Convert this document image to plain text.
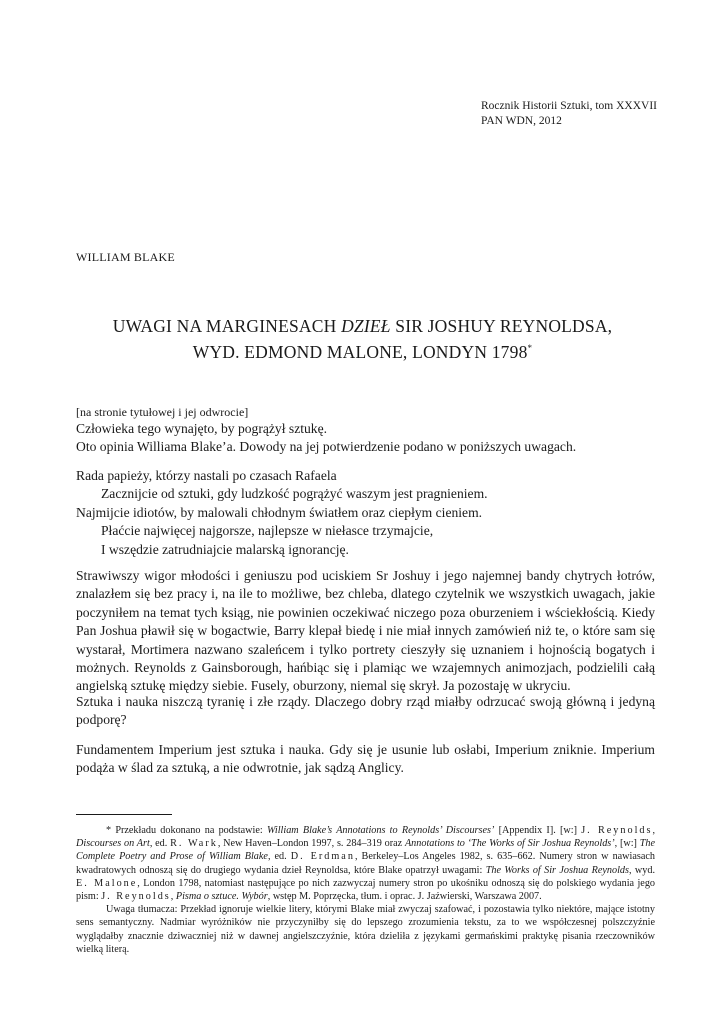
Rocznik Historii Sztuki, tom XXXVII
PAN WDN, 2012
WILLIAM BLAKE
UWAGI NA MARGINESACH DZIEŁ SIR JOSHUY REYNOLDSA,
WYD. EDMOND MALONE, LONDYN 1798*

[na stronie tytułowej i jej odwrocie]

Człowieka tego wynajęto, by pogrążył sztukę.

Oto opinia Williama Blake’a. Dowody na jej potwierdzenie podano w poniższych uwagach.

Rada papieży, którzy nastali po czasach Rafaela

Zacznijcie od sztuki, gdy ludzkość pogrążyć waszym jest pragnieniem.

Najmijcie idiotów, by malowali chłodnym światłem oraz ciepłym cieniem.

Płaćcie najwięcej najgorsze, najlepsze w niełasce trzymajcie,

I wszędzie zatrudniajcie malarską ignorancję.

Strawiwszy wigor młodości i geniuszu pod uciskiem Sr Joshuy i jego najemnej bandy chytrych łotrów, znalazłem się bez pracy i, na ile to możliwe, bez chleba, dlatego czytelnik we wszystkich uwagach, jakie poczyniłem na temat tych ksiąg, nie powinien oczekiwać niczego poza oburzeniem i wściekłością. Kiedy Pan Joshua pławił się w bogactwie, Barry klepał biedę i nie miał innych zamówień niż te, o które sam się wystarał, Mortimera nazwano szaleńcem i tylko portrety cieszyły się uznaniem i hojnością bogatych i możnych. Reynolds z Gainsborough, hańbiąc się i plamiąc we wzajemnych animozjach, podzielili całą angielską sztukę między siebie. Fusely, oburzony, niemal się skrył. Ja pozostaję w ukryciu.

Sztuka i nauka niszczą tyranię i złe rządy. Dlaczego dobry rząd miałby odrzucać swoją główną i jedyną podporę?

Fundamentem Imperium jest sztuka i nauka. Gdy się je usunie lub osłabi, Imperium zniknie. Imperium podąża w ślad za sztuką, a nie odwrotnie, jak sądzą Anglicy.

* Przekładu dokonano na podstawie: William Blake’s Annotations to Reynolds’ Discourses’ [Appendix I]. [w:] J. Reynolds, Discourses on Art, ed. R. Wark, New Haven–London 1997, s. 284–319 oraz Annotations to ‘The Works of Sir Joshua Reynolds’, [w:] The Complete Poetry and Prose of William Blake, ed. D. Erdman, Berkeley–Los Angeles 1982, s. 635–662. Numery stron w nawiasach kwadratowych odnoszą się do drugiego wydania dzieł Reynoldsa, które Blake opatrzył uwagami: The Works of Sir Joshua Reynolds, wyd. E. Malone, London 1798, natomiast następujące po nich zazwyczaj numery stron po ukośniku odnoszą się do polskiego wydania jego pism: J. Reynolds, Pisma o sztuce. Wybór, wstęp M. Poprzęcka, tłum. i oprac. J. Jaźwierski, Warszawa 2007.

Uwaga tłumacza: Przekład ignoruje wielkie litery, którymi Blake miał zwyczaj szafować, i pozostawia tylko niektóre, mające istotny sens semantyczny. Nadmiar wyróżników nie przyczyniłby się do lepszego zrozumienia tekstu, za to we współczesnej polszczyźnie wyglądałby znacznie dziwaczniej niż w dawnej angielszczyźnie, która dzieliła z językami germańskimi praktykę pisania rzeczowników wielką literą.
